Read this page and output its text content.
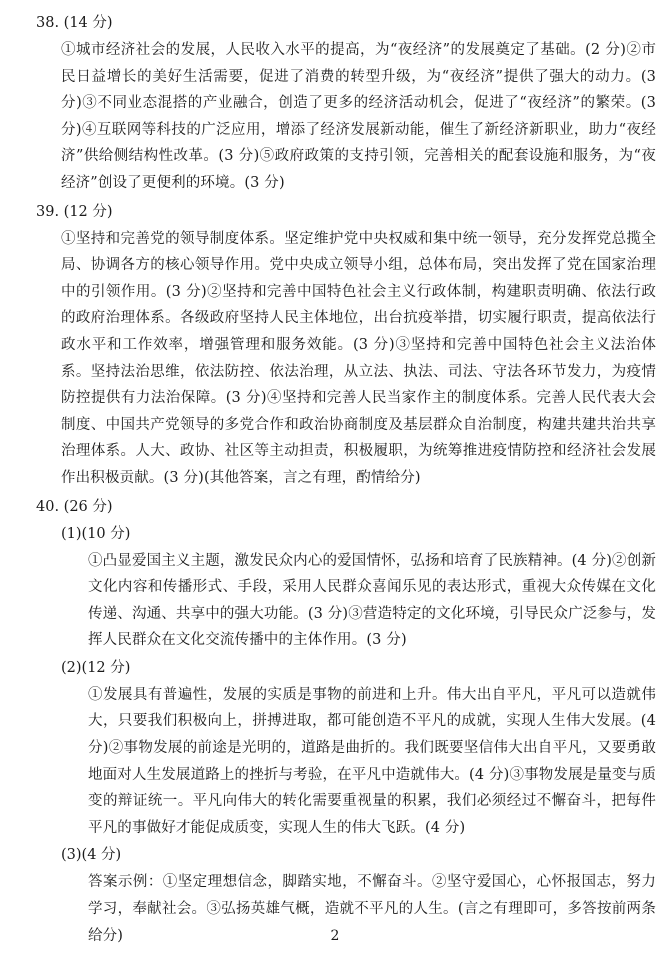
38. (14 分)

①城市经济社会的发展，人民收入水平的提高，为“夜经济”的发展奠定了基础。(2 分)②市民日益增长的美好生活需要，促进了消费的转型升级，为“夜经济”提供了强大的动力。(3 分)③不同业态混搭的产业融合，创造了更多的经济活动机会，促进了“夜经济”的繁荣。(3 分)④互联网等科技的广泛应用，增添了经济发展新动能，催生了新经济新职业，助力“夜经济”供给侧结构性改革。(3 分)⑤政府政策的支持引领，完善相关的配套设施和服务，为“夜经济”创设了更便利的环境。(3 分)

39. (12 分)

①坚持和完善党的领导制度体系。坚定维护党中央权威和集中统一领导，充分发挥党总揽全局、协调各方的核心领导作用。党中央成立领导小组，总体布局，突出发挥了党在国家治理中的引领作用。(3 分)②坚持和完善中国特色社会主义行政体制，构建职责明确、依法行政的政府治理体系。各级政府坚持人民主体地位，出台抗疫举措，切实履行职责，提高依法行政水平和工作效率，增强管理和服务效能。(3 分)③坚持和完善中国特色社会主义法治体系。坚持法治思维，依法防控、依法治理，从立法、执法、司法、守法各环节发力，为疫情防控提供有力法治保障。(3 分)④坚持和完善人民当家作主的制度体系。完善人民代表大会制度、中国共产党领导的多党合作和政治协商制度及基层群众自治制度，构建共建共治共享治理体系。人大、政协、社区等主动担责，积极履职，为统筹推进疫情防控和经济社会发展作出积极贡献。(3 分)(其他答案，言之有理，酌情给分)

40. (26 分)

(1)(10 分)

①凸显爱国主义主题，激发民众内心的爱国情怀，弘扬和培育了民族精神。(4 分)②创新文化内容和传播形式、手段，采用人民群众喜闻乐见的表达形式，重视大众传媒在文化传递、沟通、共享中的强大功能。(3 分)③营造特定的文化环境，引导民众广泛参与，发挥人民群众在文化交流传播中的主体作用。(3 分)

(2)(12 分)

①发展具有普遍性，发展的实质是事物的前进和上升。伟大出自平凡，平凡可以造就伟大，只要我们积极向上，拼搏进取，都可能创造不平凡的成就，实现人生伟大发展。(4 分)②事物发展的前途是光明的，道路是曲折的。我们既要坚信伟大出自平凡，又要勇敢地面对人生发展道路上的挫折与考验，在平凡中造就伟大。(4 分)③事物发展是量变与质变的辩证统一。平凡向伟大的转化需要重视量的积累，我们必须经过不懈奋斗，把每件平凡的事做好才能促成质变，实现人生的伟大飞跃。(4 分)

(3)(4 分)

答案示例：①坚定理想信念，脚踏实地，不懈奋斗。②坚守爱国心，心怀报国志，努力学习，奉献社会。③弘扬英雄气概，造就不平凡的人生。(言之有理即可，多答按前两条给分)	2
